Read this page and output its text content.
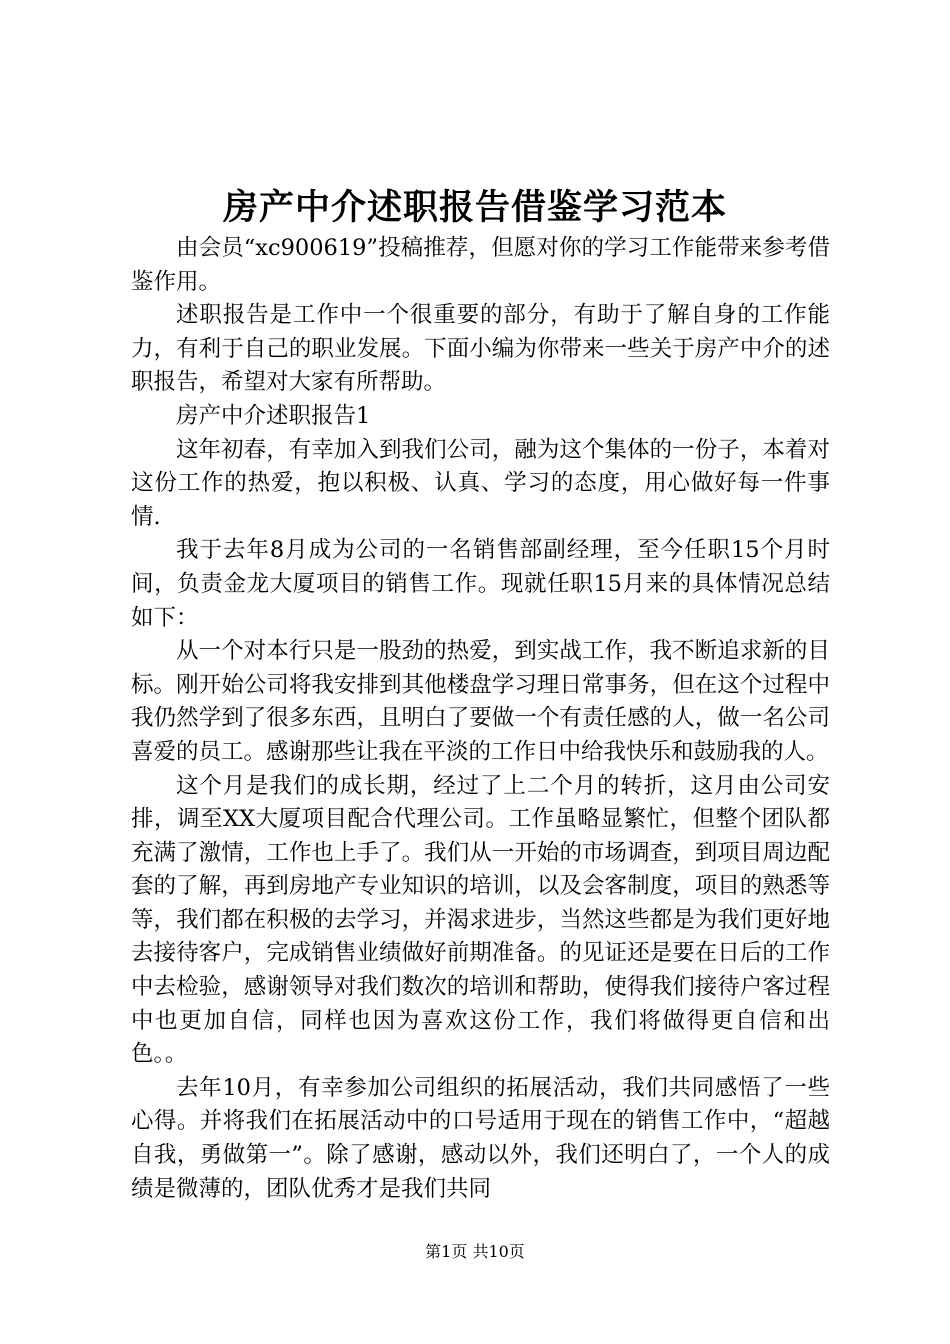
房产中介述职报告借鉴学习范本

由会员“xc900619”投稿推荐，但愿对你的学习工作能带来参考借鉴作用。

述职报告是工作中一个很重要的部分，有助于了解自身的工作能力，有利于自己的职业发展。下面小编为你带来一些关于房产中介的述职报告，希望对大家有所帮助。

房产中介述职报告1

这年初春，有幸加入到我们公司，融为这个集体的一份子，本着对这份工作的热爱，抱以积极、认真、学习的态度，用心做好每一件事情.

我于去年8月成为公司的一名销售部副经理，至今任职15个月时间，负责金龙大厦项目的销售工作。现就任职15月来的具体情况总结如下：

从一个对本行只是一股劲的热爱，到实战工作，我不断追求新的目标。刚开始公司将我安排到其他楼盘学习理日常事务，但在这个过程中我仍然学到了很多东西，且明白了要做一个有责任感的人，做一名公司喜爱的员工。感谢那些让我在平淡的工作日中给我快乐和鼓励我的人。

这个月是我们的成长期，经过了上二个月的转折，这月由公司安排，调至XX大厦项目配合代理公司。工作虽略显繁忙，但整个团队都充满了激情，工作也上手了。我们从一开始的市场调查，到项目周边配套的了解，再到房地产专业知识的培训，以及会客制度，项目的熟悉等等，我们都在积极的去学习，并渴求进步，当然这些都是为我们更好地去接待客户，完成销售业绩做好前期准备。的见证还是要在日后的工作中去检验，感谢领导对我们数次的培训和帮助，使得我们接待户客过程中也更加自信，同样也因为喜欢这份工作，我们将做得更自信和出色。。

去年10月，有幸参加公司组织的拓展活动，我们共同感悟了一些心得。并将我们在拓展活动中的口号适用于现在的销售工作中，“超越自我，勇做第一”。除了感谢，感动以外，我们还明白了，一个人的成绩是微薄的，团队优秀才是我们共同

第1页 共10页
